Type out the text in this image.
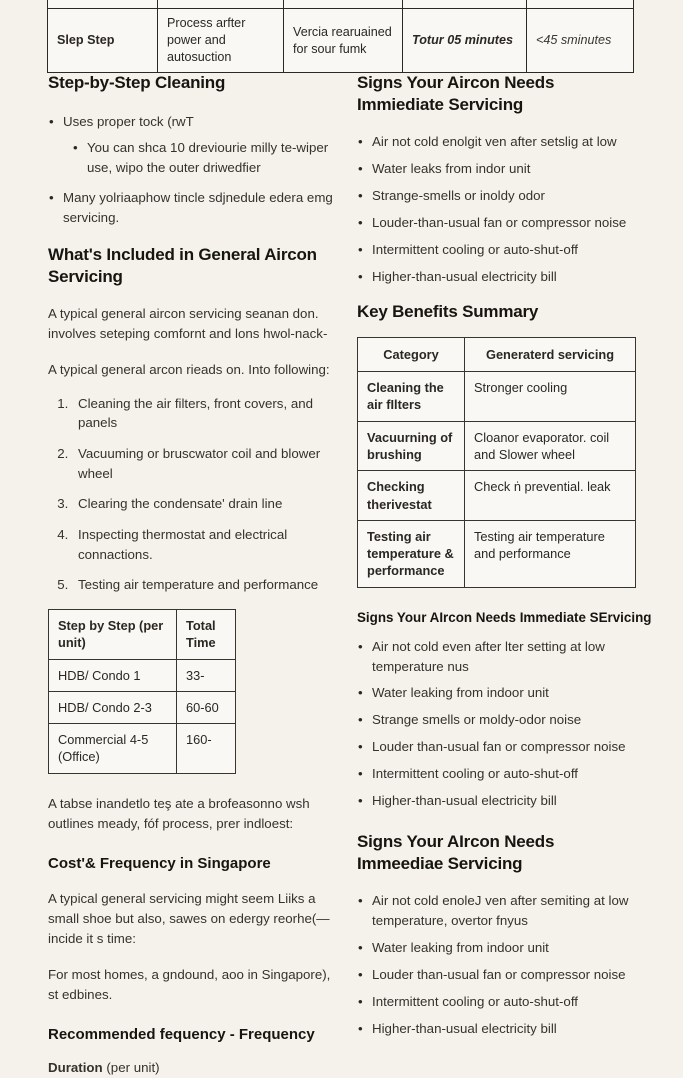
Slep Step	Process arfter power and autosuction	Vercia rearuained for sour fumk	Totur 05 minutes	<45 sminutes
Step-by-Step Cleaning
• Uses proper tock (rwT
• You can shca 10 dreviourie milly te-wiper use, wipo the outer driwedfier
• Many yolriaaphow tincle sdjnedule edera emg servicing.
What's Included in General Aircon Servicing

A typical general aircon servicing seanan don. involves seteping comfornt and lons hwol-nack-

A typical general arcon rieads on. Into following:

1. Cleaning the air filters, front covers, and panels
2. Vacuuming or bruscwator coil and blower wheel
3. Clearing the condensate' drain line
4. Inspecting thermostat and electrical connactions.
5. Testing air temperature and performance
Step by Step (per unit)	Total Time
HDB/ Condo 1	33-
HDB/ Condo 2-3	60-60
Commercial 4-5 (Office)	160-

A tabse inandetlo teş ate a brofeasonno wsh outlines meady, fóf process, prer indloest:

Cost'& Frequency in Singapore

A typical general servicing might seem Liiks a small shoe but also, sawes on edergy reorhe(— incide it s time:

For most homes, a gndound, aoo in Singapore), st edbines.

Recommended fequency - Frequency

Duration (per unit)

Signs Your Aircon Needs Immiediate Servicing
• Air not cold enolgit ven after setslig at low
• Water leaks from indor unit
• Strange-smells or inoldy odor
• Louder-than-usual fan or compressor noise
• Intermittent cooling or auto-shut-off
• Higher-than-usual electricity bill
Key Benefits Summary
Category	Generaterd servicing
Cleaning the air fIlters	Stronger cooling
Vacuurning of brushing	Cloanor evaporator. coil and Slower wheel
Checking therivestat	Check ṅ prevential. leak
Testing air temperature & performance	Testing air temperature and performance
Signs Your AIrcon Needs Immediate SErvicing
• Air not cold even after lter setting at low temperature nus
• Water leaking from indoor unit
• Strange smells or moldy-odor noise
• Louder than-usual fan or compressor noise
• Intermittent cooling or auto-shut-off
• Higher-than-usual electricity bill
Signs Your AIrcon Needs Immeediae Servicing
• Air not cold enoleJ ven after semiting at low temperature, overtor fnyus
• Water leaking from indoor unit
• Louder than-usual fan or compressor noise
• Intermittent cooling or auto-shut-off
• Higher-than-usual electricity bill
